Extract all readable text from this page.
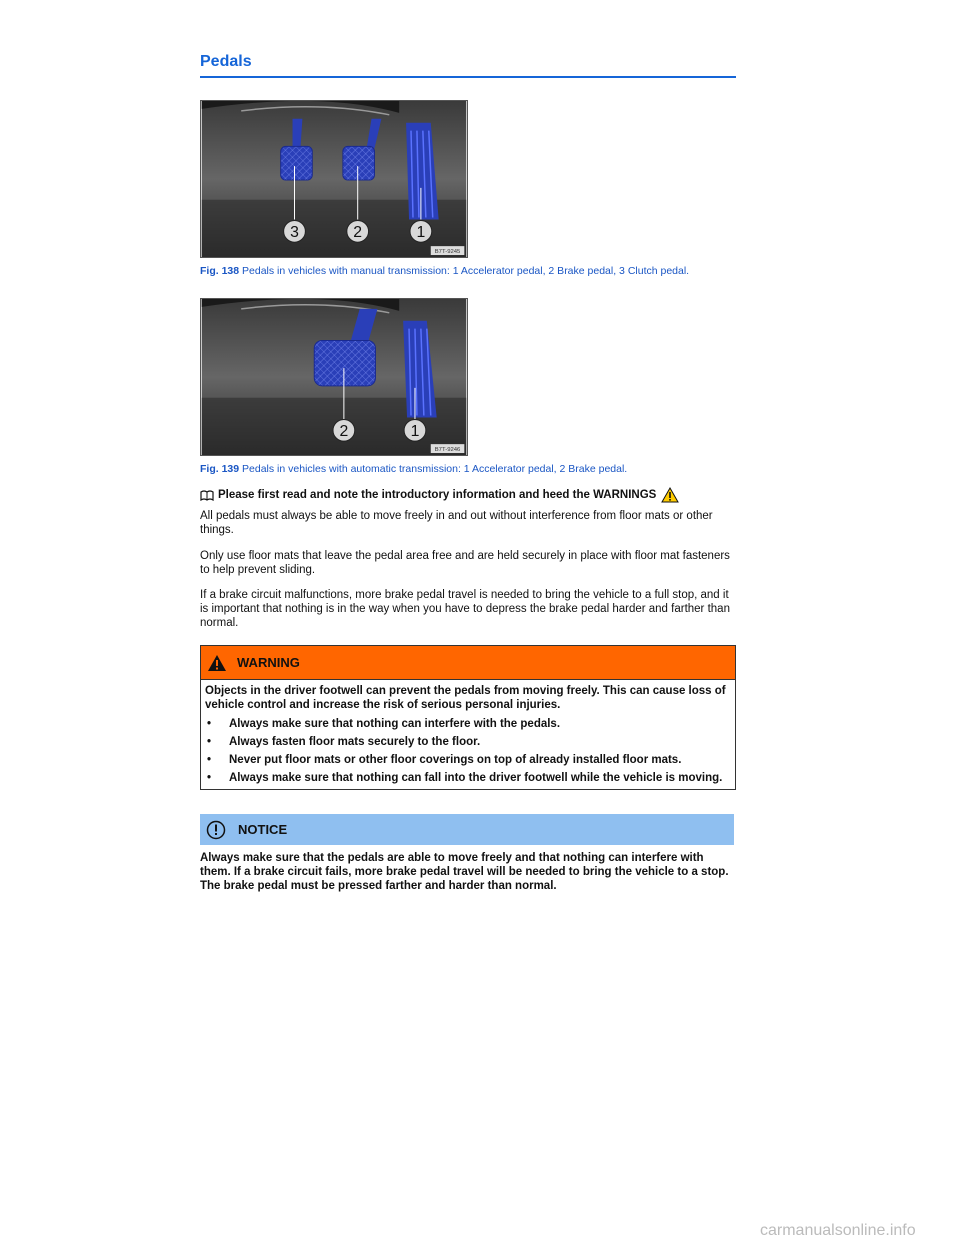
Pedals
3	2	1
B7T-9245
Fig. 138 Pedals in vehicles with manual transmission: 1 Accelerator pedal, 2 Brake pedal, 3 Clutch pedal.
2	1
B7T-9246
Fig. 139 Pedals in vehicles with automatic transmission: 1 Accelerator pedal, 2 Brake pedal.
Please first read and note the introductory information and heed the WARNINGS

All pedals must always be able to move freely in and out without interference from floor mats or other things.

Only use floor mats that leave the pedal area free and are held securely in place with floor mat fasteners to help prevent sliding.

If a brake circuit malfunctions, more brake pedal travel is needed to bring the vehicle to a full stop, and it is important that nothing is in the way when you have to depress the brake pedal harder and farther than normal.

WARNING
Objects in the driver footwell can prevent the pedals from moving freely. This can cause loss of vehicle control and increase the risk of serious personal injuries.
•	Always make sure that nothing can interfere with the pedals.
•	Always fasten floor mats securely to the floor.
•	Never put floor mats or other floor coverings on top of already installed floor mats.
•	Always make sure that nothing can fall into the driver footwell while the vehicle is moving.
NOTICE
Always make sure that the pedals are able to move freely and that nothing can interfere with them. If a brake circuit fails, more brake pedal travel will be needed to bring the vehicle to a stop. The brake pedal must be pressed farther and harder than normal.
carmanualsonline.info
